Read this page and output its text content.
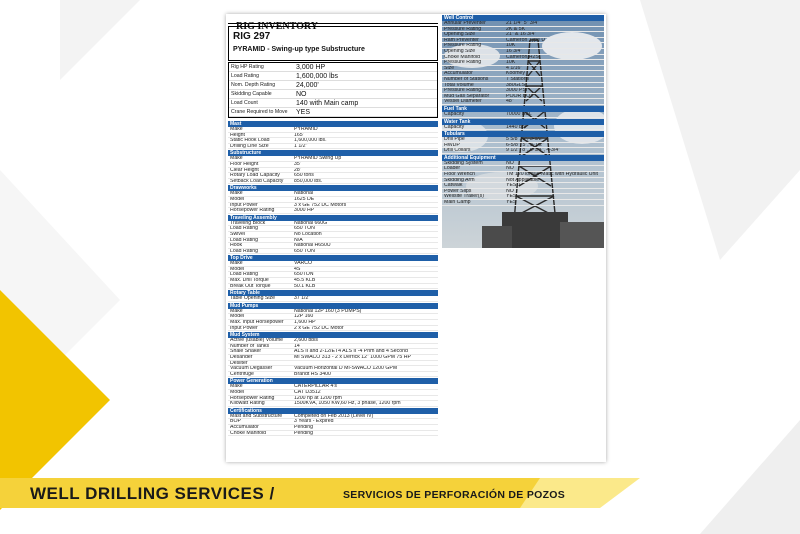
RIG INVENTORY
RIG 297
PYRAMID - Swing-up type Substructure
Rig HP Rating	3,000 HP
Load Rating	1,600,000 lbs
Nom. Depth Rating	24,000'
Skidding Capable	NO
Load Count	140 with Main camp
Crane Required to Move	YES
Mast
Make	PYRAMID
Height	165'
Static Hook Load	1,600,000 lbs.
Drilling Line Size	1 1/2"
Substructure
Make	PYRAMID Swing Up
Floor Height	35'
Clear Height	28'
Rotary Load Capacity	650 tons
Setback Load Capacity	850,000 lbs.
Drawworks
Make	National
Model	1625 DE
Input Power	3 x GE 752 DC Motors
Horsepower Rating	3000 HP
Traveling Assembly
Traveling Block	National 660G
Load Rating	650 TON
Swivel	No Location
Load Rating	N/A
Hook	National H650U
Load Rating	650 TON
Top Drive
Make	VARCO
Model	4S
Load Rating	650TON
Max. Drill Torque	45.5 KLB
Break Out Torque	50.1 KLB
Rotary Table
Table Opening Size	37 1/2"
Mud Pumps
Make	National 12P 160 (3 PUMPS)
Model	12P 160
Max. Input Horsepower	1,600 HP
Input Power	2 x GE 752 DC Motor
Mud System
Active (usable) Volume	2,600 bbls
Number of Tanks	14
Shale Shaker	ALS II and 2-12/ET4 ALS II -4 Prim and 4 Second
Desander	Mi SWACO 313 - 2 x Derrick 12" 1000 GPM 75 HP
Desilter
Vacuum Degasser	Vacuum Horizontal D MI-SWACO 1200 GPM
Centrifuge	Brandt HS 3400
Power Generation
Make	CATERPILLAR 4's
Model	CAT D3512
Horsepower Rating	1200 hp at 1200 rpm
Kilowatt Rating	1500KVA, 1050 KW,60 Hz, 3 phase, 1200 rpm
Certifications
Mast and Substructure	Completed on Feb 2013 (Level IV)
BOP	3 Years - Expired
Accumulator	Pending
Choke Manifold	Pending
Well Control
Annular Preventer	21 1/4" 5" 3/4"
Pressure Rating	2K & 5K
Opening Size	21" & 16 3/4"
Ram Preventer	Cameron Type U
Pressure Rating	10K
Opening Size	16 3/4"
Choke Manifold	Cameron H2S
Pressure Rating	10K
Size	4 1/16"
Accumulator	Koomey
Number of Stations	7 Stations
Total Volume	380GLS
Pressure Rating	3000 PSI
Mud Gas Separator	POOR BOY
Vessel Diameter	48"
Fuel Tank
Capacity	70000 BBL
Water Tank
Capacity	1440 bbl
Tubulars
Drill Pipe	5 5/8", 5", 3-1/2"
HWDP	6-5/8", 5", 3-1/2"
Drill Collars	9 1/2", 8", 6-1/4", 4-3/4"
Additional Equipment
Skidding System	NO
Loader	NO
Floor Wrench	TM 120Torque-Matic with Hydraulic Unit
Skidding Arm	Not Applicable
Catwalk	YES 1
Power Slips	NO
Wellsite Trailer(s)	YES
Main Camp	YES
WELL DRILLING SERVICES /	SERVICIOS DE PERFORACIÓN DE POZOS
